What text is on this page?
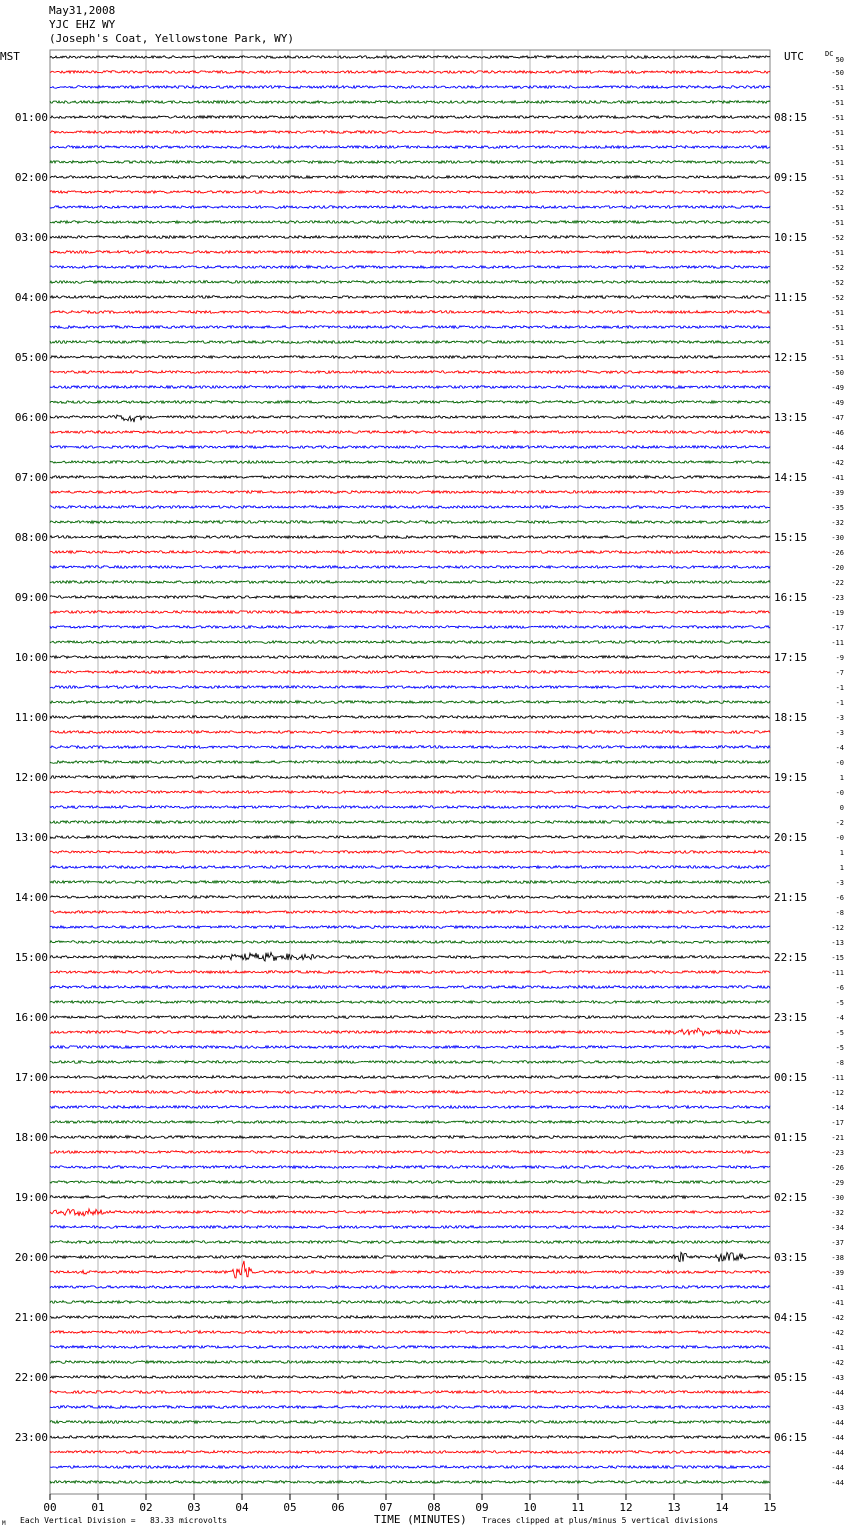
May31,2008
YJC EHZ WY
(Joseph's Coat, Yellowstone Park, WY)
00	01	02	03	04	05	06	07	08	09	10	11	12	13	14	15
50
-50
-51
-51
-51
01:00	08:15
-51
-51
-51
-51
02:00	09:15
-52
-51
-51
-52
03:00	10:15
-51
-52
-52
-52
04:00	11:15
-51
-51
-51
-51
05:00	12:15
-50
-49
-49
-47
06:00	13:15
-46
-44
-42
-41
07:00	14:15
-39
-35
-32
-30
08:00	15:15
-26
-20
-22
-23
09:00	16:15
-19
-17
-11
-9
10:00	17:15
-7
-1
-1
-3
11:00	18:15
-3
-4
-0
1
12:00	19:15
-0
0
-2
-0
13:00	20:15
1
1
-3
-6
14:00	21:15
-8
-12
-13
-15
15:00	22:15
-11
-6
-5
-4
16:00	23:15
-5
-5
-8
-11
17:00	00:15
-12
-14
-17
-21
18:00	01:15
-23
-26
-29
-30
19:00	02:15
-32
-34
-37
-38
20:00	03:15
-39
-41
-41
-42
21:00	04:15
-42
-41
-42
-43
22:00	05:15
-44
-43
-44
-44
23:00	06:15
-44
-44
-44
MST	UTC	DC
TIME (MINUTES)
Each Vertical Division =   83.33 microvolts	Traces clipped at plus/minus 5 vertical divisions
M
